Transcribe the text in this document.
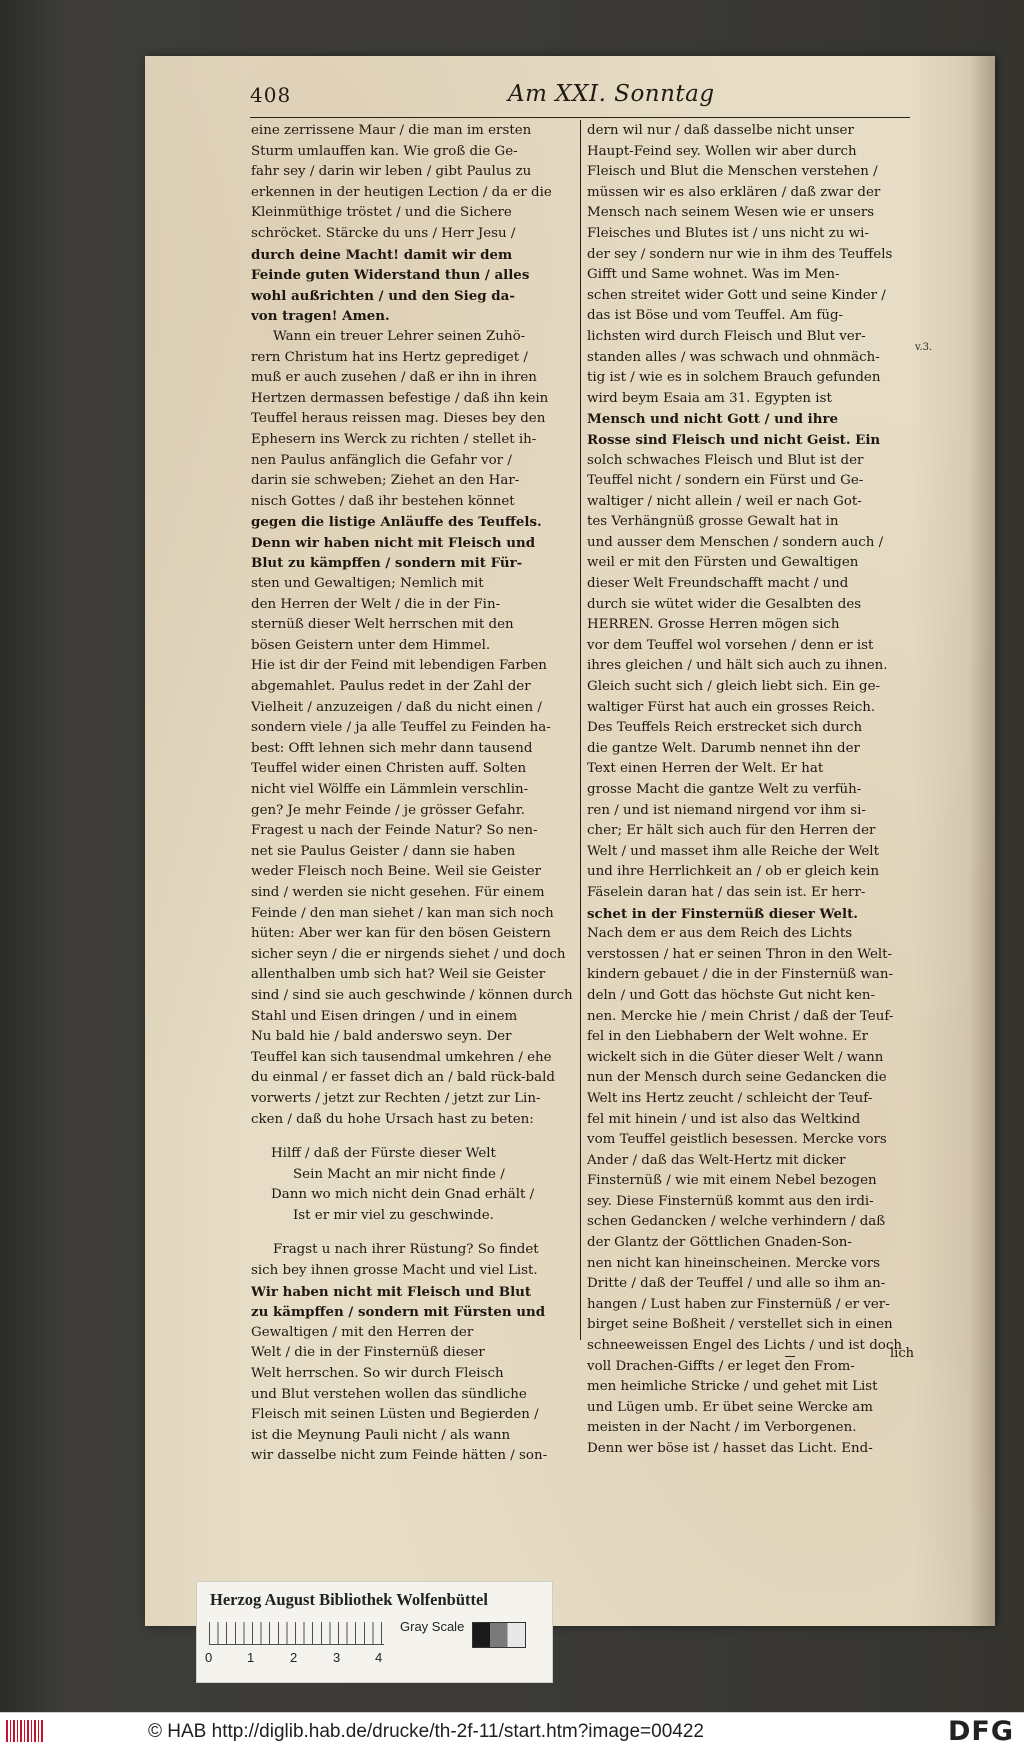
408	Am XXI. Sonntag
eine zerrissene Maur / die man im ersten
Sturm umlauffen kan. Wie groß die Ge-
fahr sey / darin wir leben / gibt Paulus zu
erkennen in der heutigen Lection / da er die
Kleinmüthige tröstet / und die Sichere
schröcket. Stärcke du uns / Herr Jesu /
durch deine Macht! damit wir dem
Feinde guten Widerstand thun / alles
wohl außrichten / und den Sieg da-
von tragen! Amen.
Wann ein treuer Lehrer seinen Zuhö-
rern Christum hat ins Hertz geprediget /
muß er auch zusehen / daß er ihn in ihren
Hertzen dermassen befestige / daß ihn kein
Teuffel heraus reissen mag. Dieses bey den
Ephesern ins Werck zu richten / stellet ih-
nen Paulus anfänglich die Gefahr vor /
darin sie schweben; Ziehet an den Har-
nisch Gottes / daß ihr bestehen könnet
gegen die listige Anläuffe des Teuffels.
Denn wir haben nicht mit Fleisch und
Blut zu kämpffen / sondern mit Für-
sten und Gewaltigen; Nemlich mit
den Herren der Welt / die in der Fin-
sternüß dieser Welt herrschen mit den
bösen Geistern unter dem Himmel.
Hie ist dir der Feind mit lebendigen Farben
abgemahlet. Paulus redet in der Zahl der
Vielheit / anzuzeigen / daß du nicht einen /
sondern viele / ja alle Teuffel zu Feinden ha-
best: Offt lehnen sich mehr dann tausend
Teuffel wider einen Christen auff. Solten
nicht viel Wölffe ein Lämmlein verschlin-
gen? Je mehr Feinde / je grösser Gefahr.
Fragest u nach der Feinde Natur? So nen-
net sie Paulus Geister / dann sie haben
weder Fleisch noch Beine. Weil sie Geister
sind / werden sie nicht gesehen. Für einem
Feinde / den man siehet / kan man sich noch
hüten: Aber wer kan für den bösen Geistern
sicher seyn / die er nirgends siehet / und doch
allenthalben umb sich hat? Weil sie Geister
sind / sind sie auch geschwinde / können durch
Stahl und Eisen dringen / und in einem
Nu bald hie / bald anderswo seyn. Der
Teuffel kan sich tausendmal umkehren / ehe
du einmal / er fasset dich an / bald rück-bald
vorwerts / jetzt zur Rechten / jetzt zur Lin-
cken / daß du hohe Ursach hast zu beten:
Hilff / daß der Fürste dieser Welt
Sein Macht an mir nicht finde /
Dann wo mich nicht dein Gnad erhält /
Ist er mir viel zu geschwinde.
Fragst u nach ihrer Rüstung? So findet
sich bey ihnen grosse Macht und viel List.
Wir haben nicht mit Fleisch und Blut
zu kämpffen / sondern mit Fürsten und
Gewaltigen / mit den Herren der
Welt / die in der Finsternüß dieser
Welt herrschen. So wir durch Fleisch
und Blut verstehen wollen das sündliche
Fleisch mit seinen Lüsten und Begierden /
ist die Meynung Pauli nicht / als wann
wir dasselbe nicht zum Feinde hätten / son-
dern wil nur / daß dasselbe nicht unser
Haupt-Feind sey. Wollen wir aber durch
Fleisch und Blut die Menschen verstehen /
müssen wir es also erklären / daß zwar der
Mensch nach seinem Wesen wie er unsers
Fleisches und Blutes ist / uns nicht zu wi-
der sey / sondern nur wie in ihm des Teuffels
Gifft und Same wohnet. Was im Men-
schen streitet wider Gott und seine Kinder /
das ist Böse und vom Teuffel. Am füg-
lichsten wird durch Fleisch und Blut ver-
standen alles / was schwach und ohnmäch-
tig ist / wie es in solchem Brauch gefunden
wird beym Esaia am 31. Egypten ist
Mensch und nicht Gott / und ihre
Rosse sind Fleisch und nicht Geist. Ein
solch schwaches Fleisch und Blut ist der
Teuffel nicht / sondern ein Fürst und Ge-
waltiger / nicht allein / weil er nach Got-
tes Verhängnüß grosse Gewalt hat in
und ausser dem Menschen / sondern auch /
weil er mit den Fürsten und Gewaltigen
dieser Welt Freundschafft macht / und
durch sie wütet wider die Gesalbten des
HERREN. Grosse Herren mögen sich
vor dem Teuffel wol vorsehen / denn er ist
ihres gleichen / und hält sich auch zu ihnen.
Gleich sucht sich / gleich liebt sich. Ein ge-
waltiger Fürst hat auch ein grosses Reich.
Des Teuffels Reich erstrecket sich durch
die gantze Welt. Darumb nennet ihn der
Text einen Herren der Welt. Er hat
grosse Macht die gantze Welt zu verfüh-
ren / und ist niemand nirgend vor ihm si-
cher; Er hält sich auch für den Herren der
Welt / und masset ihm alle Reiche der Welt
und ihre Herrlichkeit an / ob er gleich kein
Fäselein daran hat / das sein ist. Er herr-
schet in der Finsternüß dieser Welt.
Nach dem er aus dem Reich des Lichts
verstossen / hat er seinen Thron in den Welt-
kindern gebauet / die in der Finsternüß wan-
deln / und Gott das höchste Gut nicht ken-
nen. Mercke hie / mein Christ / daß der Teuf-
fel in den Liebhabern der Welt wohne. Er
wickelt sich in die Güter dieser Welt / wann
nun der Mensch durch seine Gedancken die
Welt ins Hertz zeucht / schleicht der Teuf-
fel mit hinein / und ist also das Weltkind
vom Teuffel geistlich besessen. Mercke vors
Ander / daß das Welt-Hertz mit dicker
Finsternüß / wie mit einem Nebel bezogen
sey. Diese Finsternüß kommt aus den irdi-
schen Gedancken / welche verhindern / daß
der Glantz der Göttlichen Gnaden-Son-
nen nicht kan hineinscheinen. Mercke vors
Dritte / daß der Teuffel / und alle so ihm an-
hangen / Lust haben zur Finsternüß / er ver-
birget seine Boßheit / verstellet sich in einen
schneeweissen Engel des Lichts / und ist doch
voll Drachen-Giffts / er leget den From-
men heimliche Stricke / und gehet mit List
und Lügen umb. Er übet seine Wercke am
meisten in der Nacht / im Verborgenen.
Denn wer böse ist / hasset das Licht. End-
v.3.
lich
Herzog August Bibliothek Wolfenbüttel
0	1	2	3	4
Gray Scale
© HAB http://diglib.hab.de/drucke/th-2f-11/start.htm?image=00422	DFG
